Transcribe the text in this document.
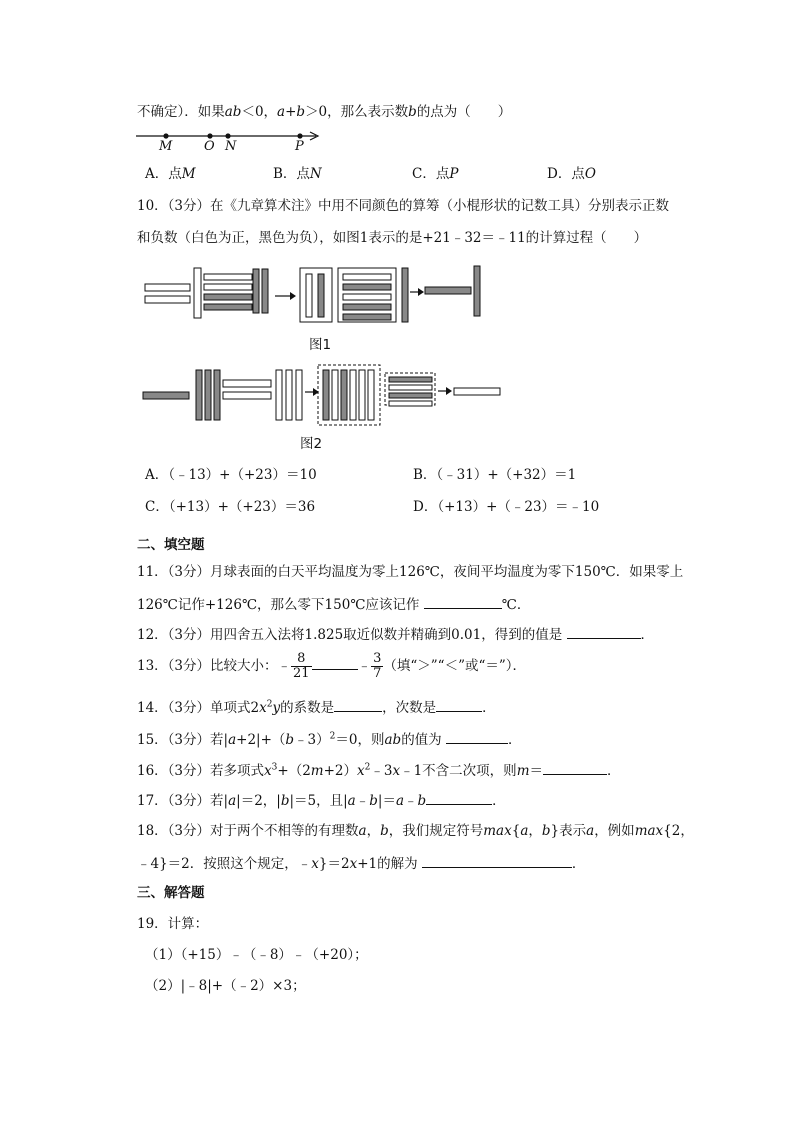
不确定）．如果ab＜0，a+b＞0，那么表示数b的点为（　　）
M O N	P
A．点M	B．点N	C．点P	D．点O
10．（3分）在《九章算术注》中用不同颜色的算筹（小棍形状的记数工具）分别表示正数
和负数（白色为正，黑色为负），如图1表示的是+21﹣32＝﹣11的计算过程（　　）
图1
图2
A．（﹣13）+（+23）＝10	B．（﹣31）+（+32）＝1
C．（+13）+（+23）＝36	D．（+13）+（﹣23）＝﹣10
二、填空题
11．（3分）月球表面的白天平均温度为零上126℃，夜间平均温度为零下150℃．如果零上
126℃记作+126℃，那么零下150℃应该记作	℃．
12．（3分）用四舍五入法将1.825取近似数并精确到0.01，得到的值是	．
13．（3分）比较大小：﹣ $\frac{8}{21}$	﹣ $\frac{3}{7}$ （填“＞”“＜”或“＝”）．
14．（3分）单项式$2x^2y$的系数是	，次数是	．
15．（3分）若|a+2|+（b﹣3）$^2$＝0，则ab的值为	．
16．（3分）若多项式$x^3+(2m+2)x^2﹣3x﹣1$不含二次项，则m＝	．
17．（3分）若|a|＝2，|b|＝5，且|a﹣b|＝a﹣b	．
18．（3分）对于两个不相等的有理数a，b，我们规定符号max{a，b}表示a，例如max{2，
﹣4}＝2．按照这个规定，﹣x}＝2x+1的解为	．
三、解答题
19．计算：
（1）（+15）﹣（﹣8）﹣（+20）；
（2）|﹣8|+（﹣2）×3；
